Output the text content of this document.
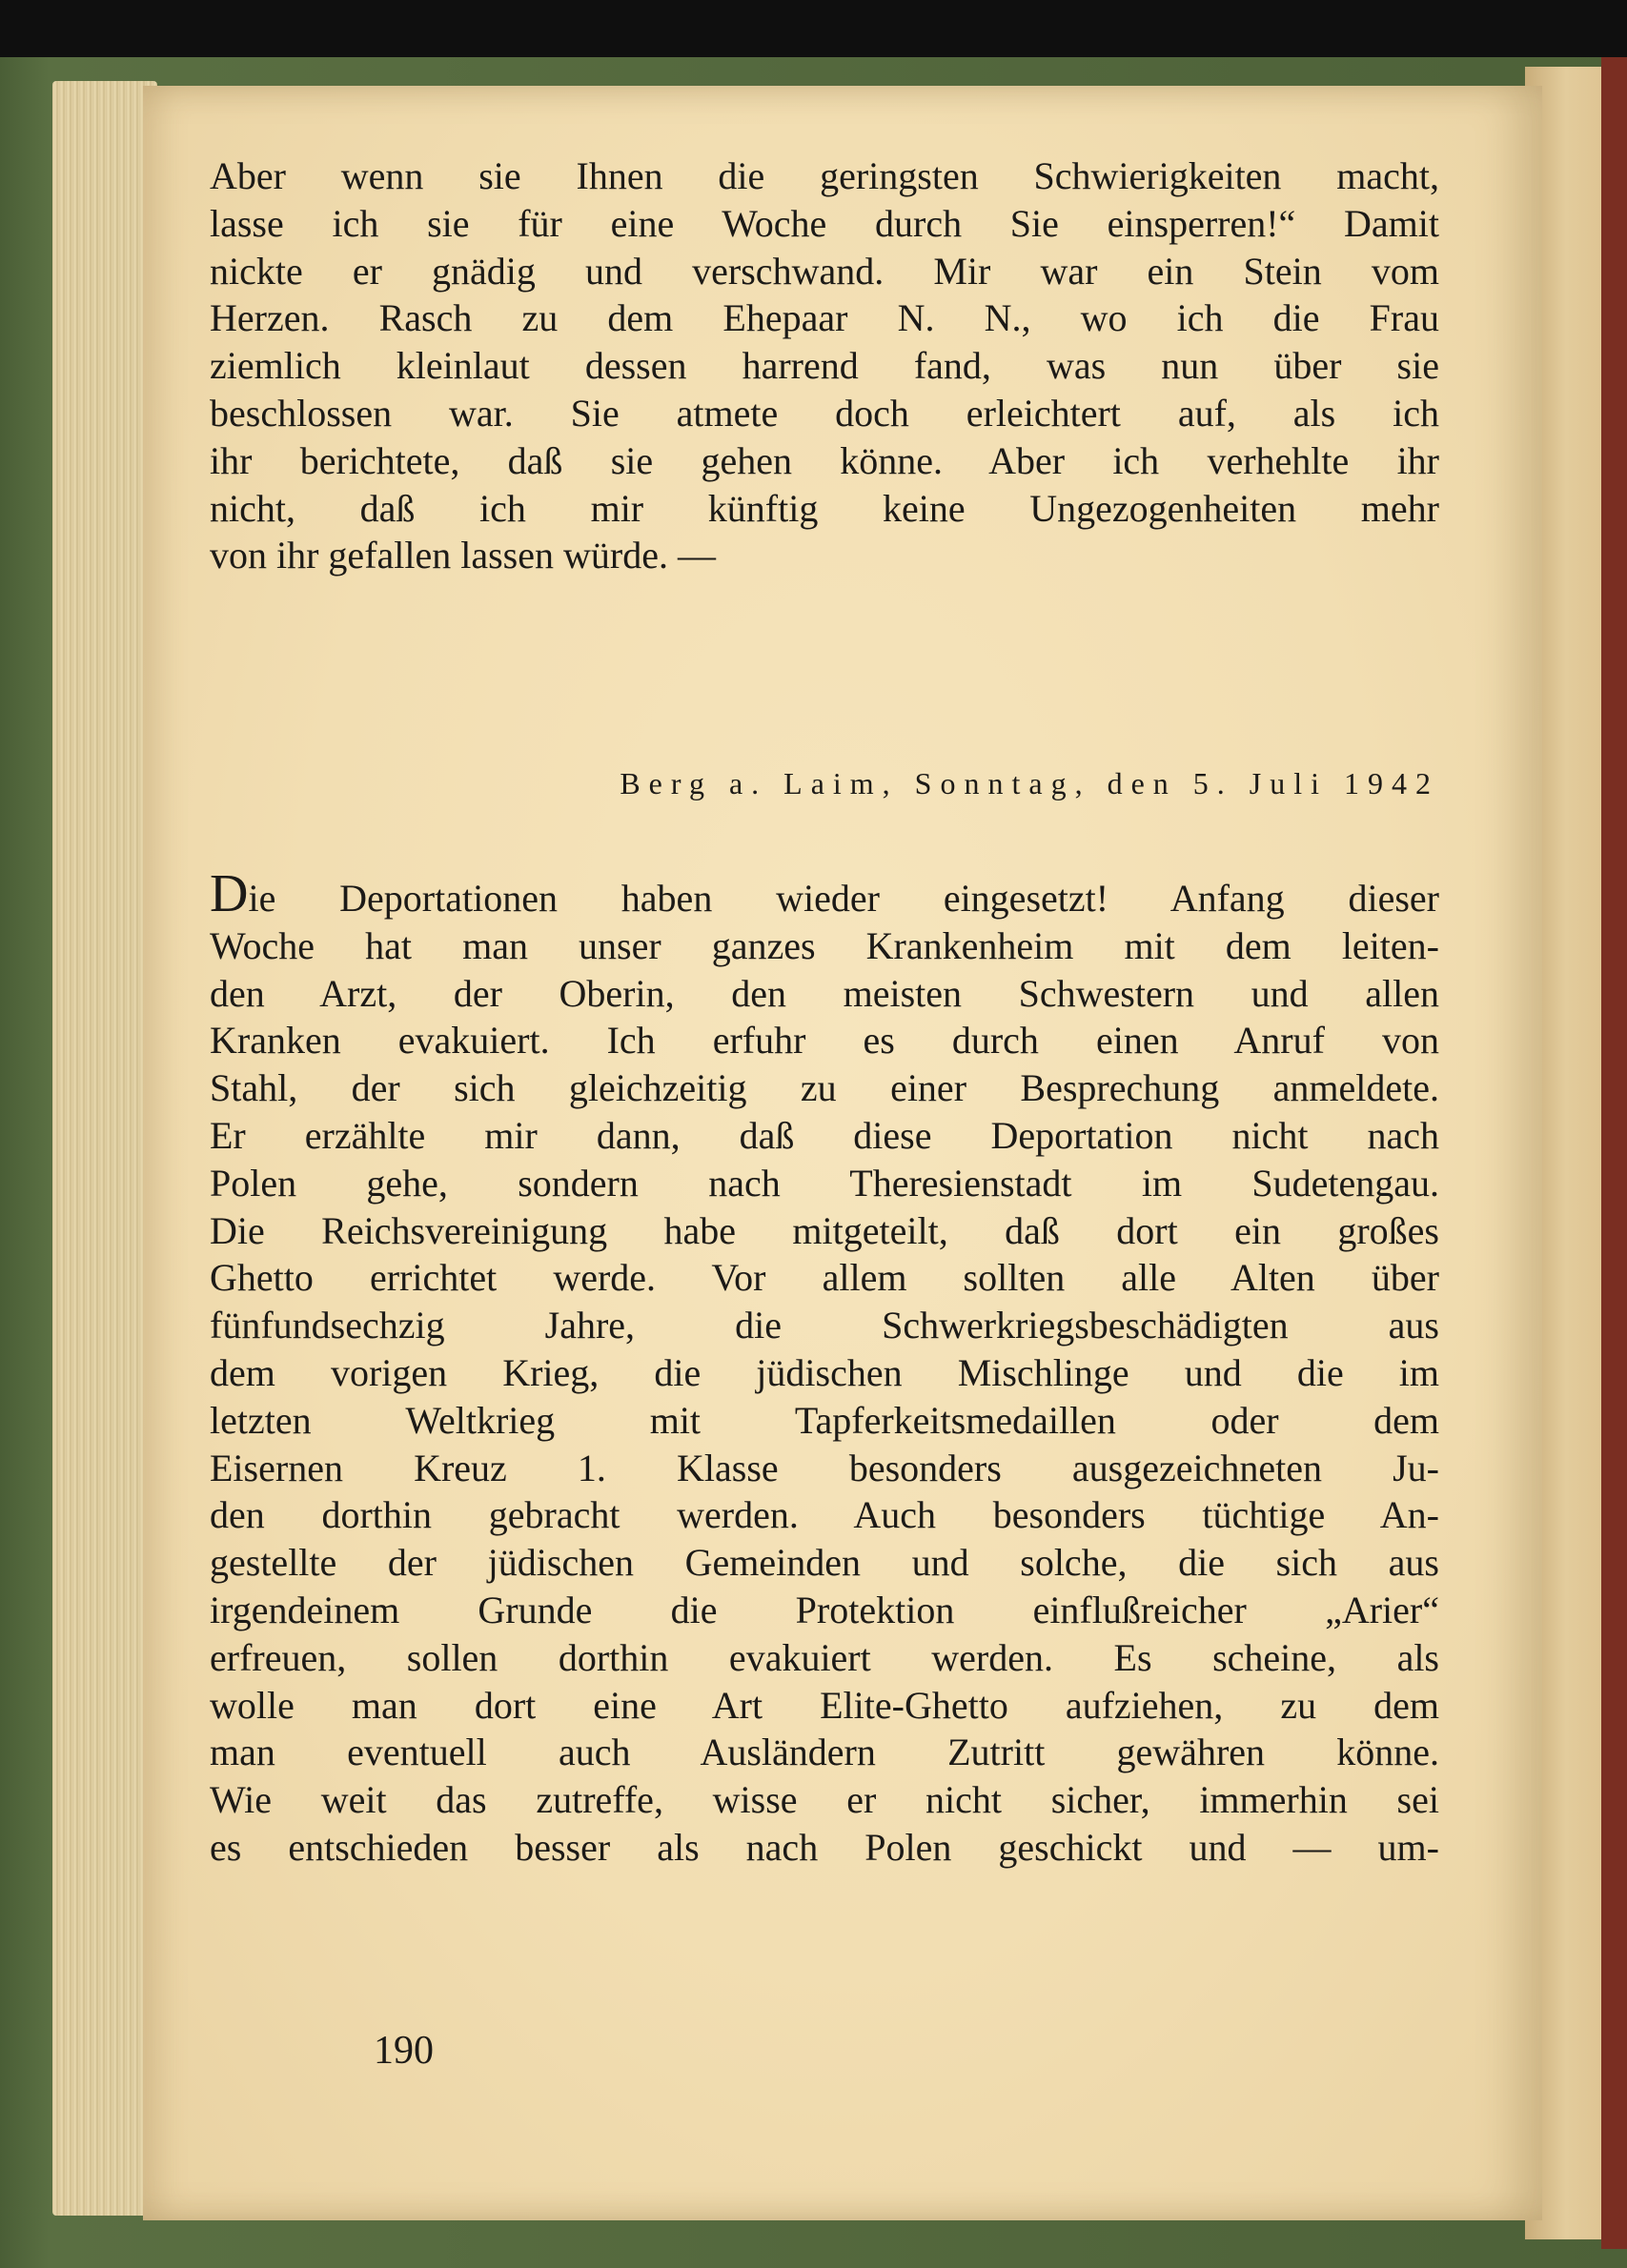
Aber wenn sie Ihnen die geringsten Schwierigkeiten macht,

lasse ich sie für eine Woche durch Sie einsperren!“ Damit

nickte er gnädig und verschwand. Mir war ein Stein vom

Herzen. Rasch zu dem Ehepaar N. N., wo ich die Frau

ziemlich kleinlaut dessen harrend fand, was nun über sie

beschlossen war. Sie atmete doch erleichtert auf, als ich

ihr berichtete, daß sie gehen könne. Aber ich verhehlte ihr

nicht, daß ich mir künftig keine Ungezogenheiten mehr

von ihr gefallen lassen würde. —

Berg a. Laim, Sonntag, den 5. Juli 1942

Die Deportationen haben wieder eingesetzt! Anfang dieser

Woche hat man unser ganzes Krankenheim mit dem leiten-

den Arzt, der Oberin, den meisten Schwestern und allen

Kranken evakuiert. Ich erfuhr es durch einen Anruf von

Stahl, der sich gleichzeitig zu einer Besprechung anmeldete.

Er erzählte mir dann, daß diese Deportation nicht nach

Polen gehe, sondern nach Theresienstadt im Sudetengau.

Die Reichsvereinigung habe mitgeteilt, daß dort ein großes

Ghetto errichtet werde. Vor allem sollten alle Alten über

fünfundsechzig Jahre, die Schwerkriegsbeschädigten aus

dem vorigen Krieg, die jüdischen Mischlinge und die im

letzten Weltkrieg mit Tapferkeitsmedaillen oder dem

Eisernen Kreuz 1. Klasse besonders ausgezeichneten Ju-

den dorthin gebracht werden. Auch besonders tüchtige An-

gestellte der jüdischen Gemeinden und solche, die sich aus

irgendeinem Grunde die Protektion einflußreicher „Arier“

erfreuen, sollen dorthin evakuiert werden. Es scheine, als

wolle man dort eine Art Elite-Ghetto aufziehen, zu dem

man eventuell auch Ausländern Zutritt gewähren könne.

Wie weit das zutreffe, wisse er nicht sicher, immerhin sei

es entschieden besser als nach Polen geschickt und — um-

190
